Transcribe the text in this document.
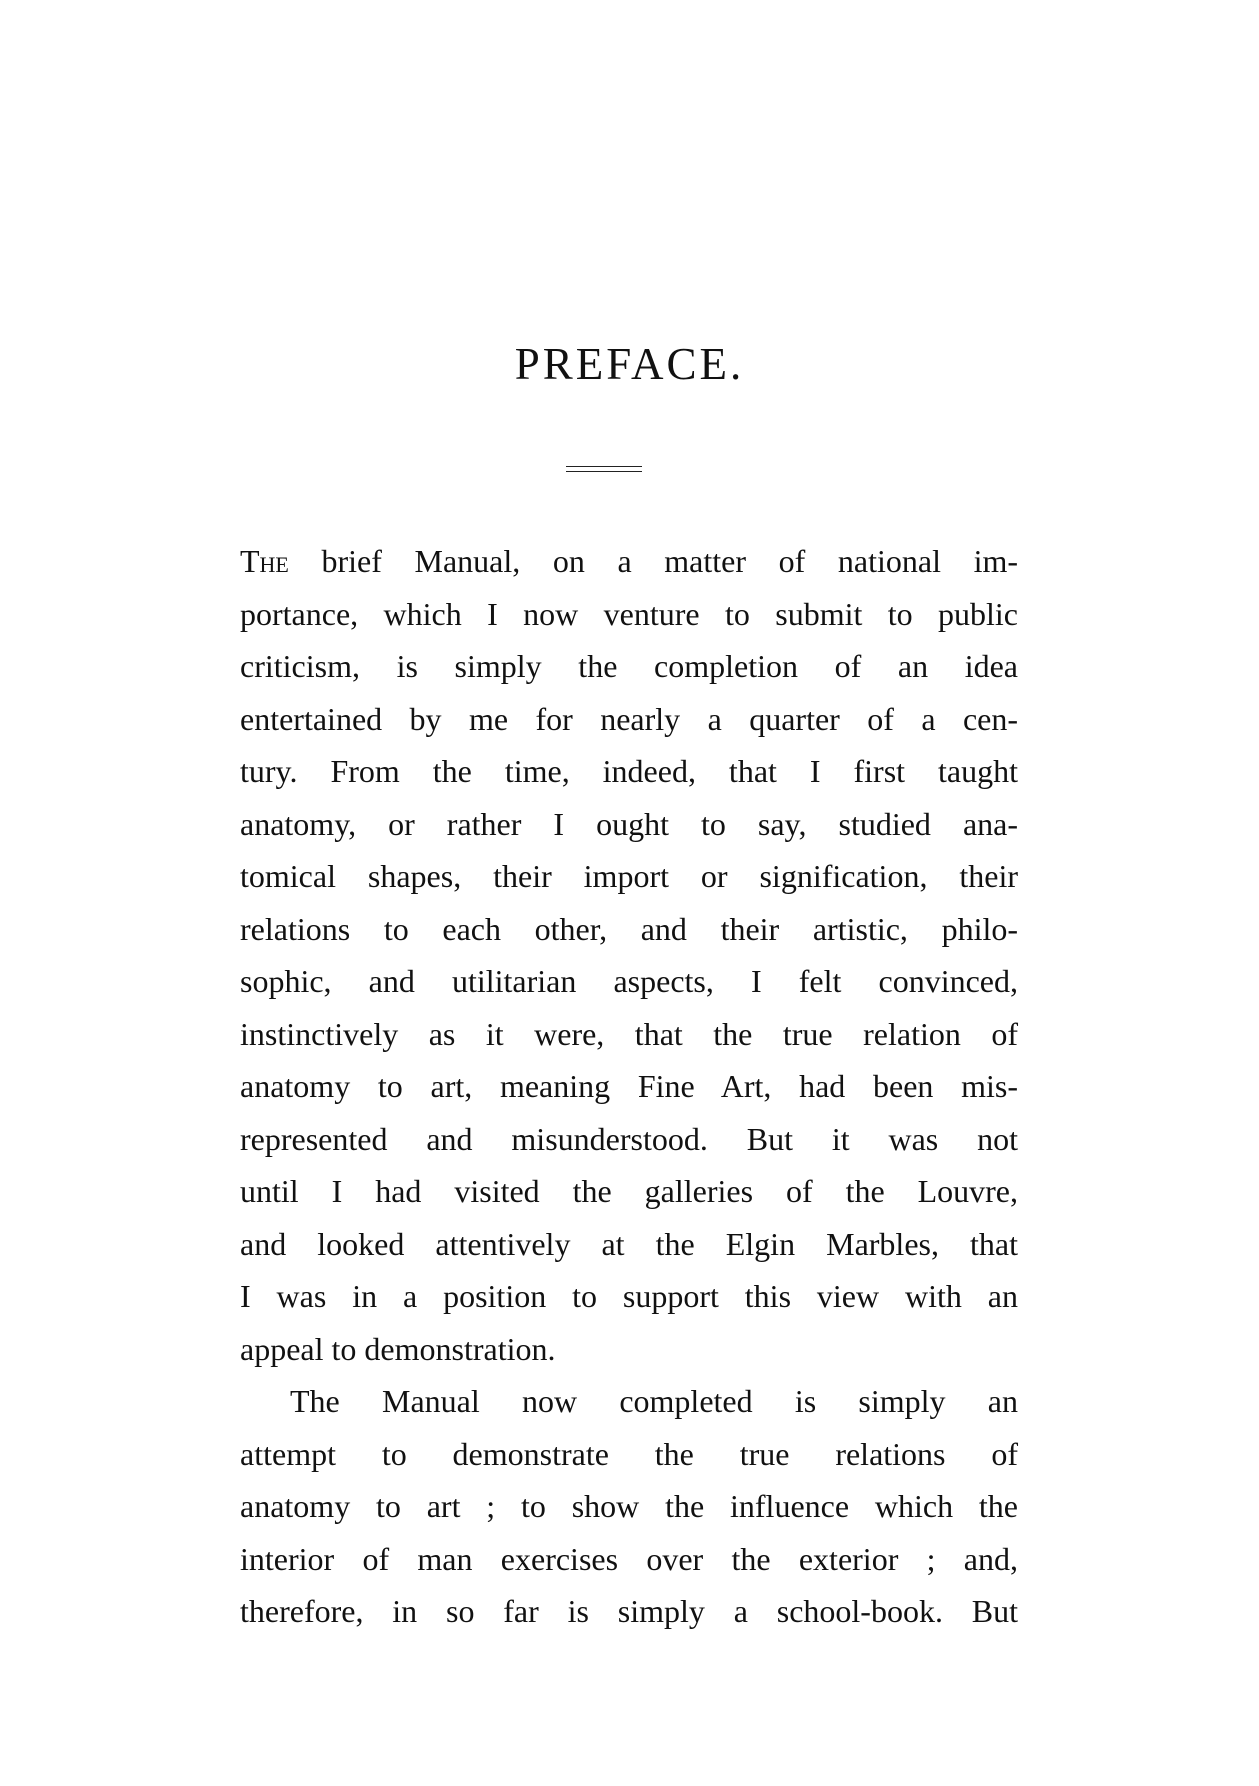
PREFACE.
The brief Manual, on a matter of national im-
portance, which I now venture to submit to public
criticism, is simply the completion of an idea
entertained by me for nearly a quarter of a cen-
tury. From the time, indeed, that I first taught
anatomy, or rather I ought to say, studied ana-
tomical shapes, their import or signification, their
relations to each other, and their artistic, philo-
sophic, and utilitarian aspects, I felt convinced,
instinctively as it were, that the true relation of
anatomy to art, meaning Fine Art, had been mis-
represented and misunderstood. But it was not
until I had visited the galleries of the Louvre,
and looked attentively at the Elgin Marbles, that
I was in a position to support this view with an
appeal to demonstration.
The Manual now completed is simply an
attempt to demonstrate the true relations of
anatomy to art ; to show the influence which the
interior of man exercises over the exterior ; and,
therefore, in so far is simply a school-book. But
